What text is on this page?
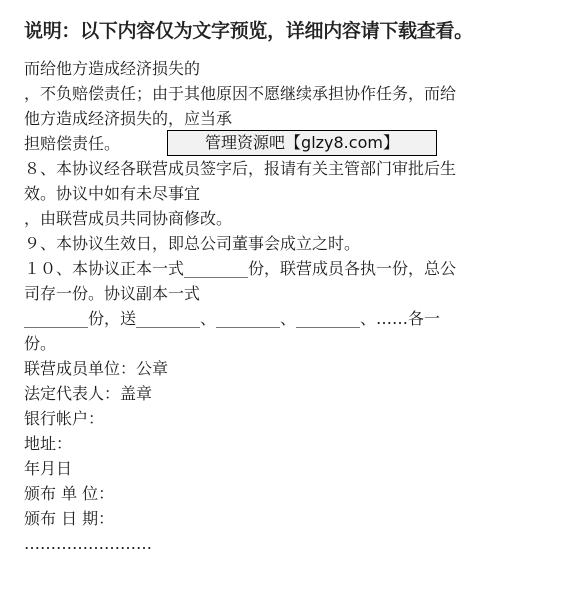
说明：以下内容仅为文字预览，详细内容请下载查看。
而给他方造成经济损失的
，不负赔偿责任；由于其他原因不愿继续承担协作任务，而给
他方造成经济损失的，应当承
担赔偿责任。
８、本协议经各联营成员签字后，报请有关主管部门审批后生
效。协议中如有未尽事宜
，由联营成员共同协商修改。
９、本协议生效日，即总公司董事会成立之时。
１０、本协议正本一式________份，联营成员各执一份，总公
司存一份。协议副本一式
________份，送________、________、________、……各一
份。
联营成员单位：公章
法定代表人：盖章
银行帐户：
地址：
年月日
颁布 单 位：
颁布 日 期：
……………………
管理资源吧【glzy8.com】
